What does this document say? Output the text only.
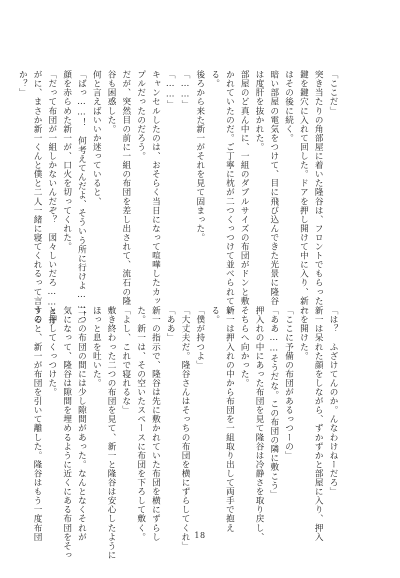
「ここだ」
突き当たりの角部屋に着いた隆谷は、フロントでもらった
鍵を鍵穴に入れて回した。ドアを押し開けて中に入り、新一
はその後に続く。
暗い部屋の電気をつけて、目に飛び込んできた光景に隆谷
は度肝を抜かれた。
部屋のど真ん中に、一組のダブルサイズの布団がドンと敷
かれていたのだ。ご丁寧に枕が二つくっつけて並べられてい
る。
後ろから来た新一がそれを見て固まった。
「……」
「……」
キャンセルしたのは、おそらく当日になって喧嘩したカッ
プルだったのだろう。
だが、突然目の前に一組の布団を差し出されて、流石の隆
谷も困惑した。
何と言えばいいか迷っていると、
「ばっ……！　何考えてんだよ、そういう所に行けよ……！」
顔を赤らめた新一が、口火を切ってくれた。
「だって布団が一組しかないんだぞ？　図々しいだろ……さす
がに、まさか新一くんと僕と二人一緒に寝てくれるって言うの
か？」
「は？　ふざけてんのか。んなわけねーだろ」
新一は呆れた顔をしながら、ずかずかと部屋に入り、押入
れを開けた。
「ここに予備の布団があるっつーの」
「ああ……そうだな。この布団の隣に敷こう」
押入れの中にあった布団を見て隆谷は冷静さを取り戻し、
そちらへ向かった。
新一は押入れの中から布団を一組取り出して両手で抱え
る。
「僕が持つよ」
「大丈夫だ。隆谷さんはそっちの布団を横にずらしてくれ」
「ああ」
新一の指示で、隆谷は先に敷かれていた布団を横にずらし
た。新一は、その空いたスペースに布団を下ろして敷く。
「よし、これで寝れるな」
敷き終わった二つの布団を見て、新一と隆谷は安心したように
ほっと息を吐いた。
二つの布団の間には少し隙間があった。なんとなくそれが
気になって、隆谷は隙間を埋めるように近くにある布団をそっ
と押してくっつけた。
すると、新一が布団を引いて離した。隆谷はもう一度布団	18
